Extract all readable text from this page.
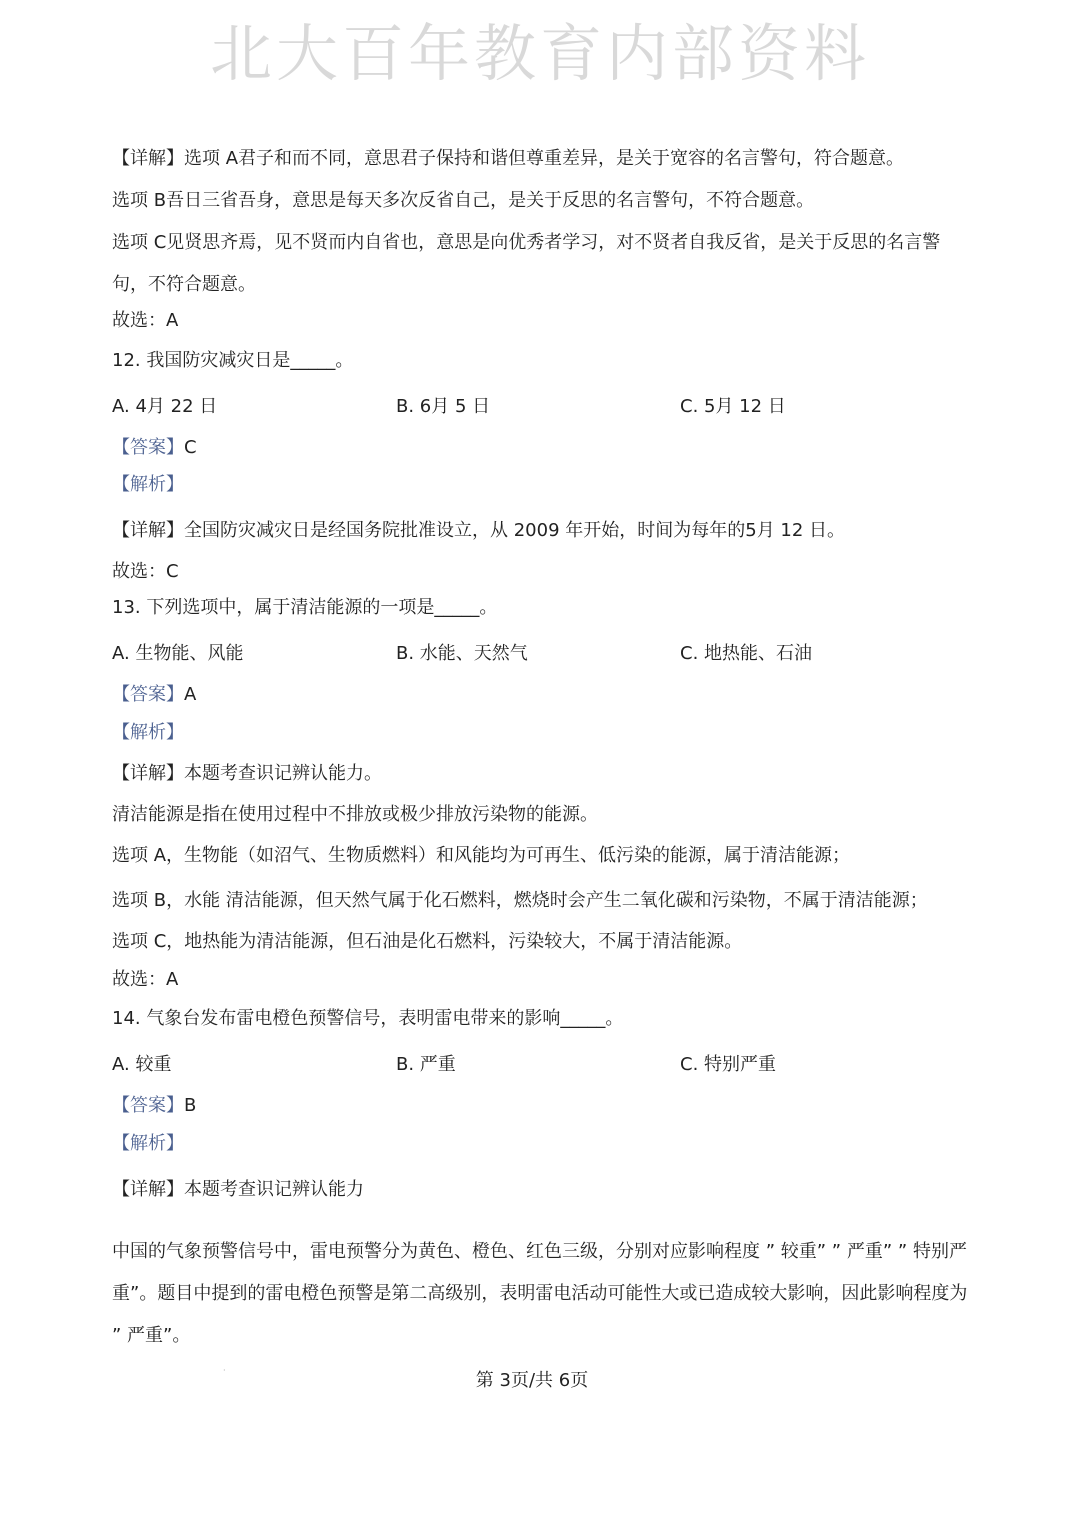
北大百年教育内部资料
【详解】选项 A君子和而不同，意思君子保持和谐但尊重差异，是关于宽容的名言警句，符合题意。
选项 B吾日三省吾身，意思是每天多次反省自己，是关于反思的名言警句，不符合题意。
选项 C见贤思齐焉，见不贤而内自省也，意思是向优秀者学习，对不贤者自我反省，是关于反思的名言警
句，不符合题意。
故选：A
12. 我国防灾减灾日是_____。
A. 4月 22 日	B. 6月 5 日	C. 5月 12 日
【答案】C
【解析】
【详解】全国防灾减灾日是经国务院批准设立，从 2009 年开始，时间为每年的5月 12 日。
故选：C
13. 下列选项中，属于清洁能源的一项是_____。
A. 生物能、风能	B. 水能、天然气	C. 地热能、石油
【答案】A
【解析】
【详解】本题考查识记辨认能力。
清洁能源是指在使用过程中不排放或极少排放污染物的能源。
选项 A，生物能（如沼气、生物质燃料）和风能均为可再生、低污染的能源，属于清洁能源；
选项 B，水能 清洁能源，但天然气属于化石燃料，燃烧时会产生二氧化碳和污染物，不属于清洁能源；
选项 C，地热能为清洁能源，但石油是化石燃料，污染较大，不属于清洁能源。
故选：A
14. 气象台发布雷电橙色预警信号，表明雷电带来的影响_____。
A. 较重	B. 严重	C. 特别严重
【答案】B
【解析】
【详解】本题考查识记辨认能力
中国的气象预警信号中，雷电预警分为黄色、橙色、红色三级，分别对应影响程度 ” 较重” ” 严重” ” 特别严重”。题目中提到的雷电橙色预警是第二高级别，表明雷电活动可能性大或已造成较大影响，因此影响程度为 ” 严重”。
·	第 3页/共 6页
